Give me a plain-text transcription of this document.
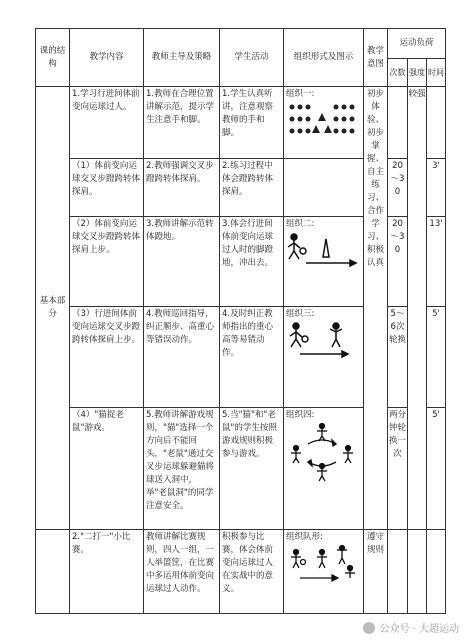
课的结构	教学内容	教师主导及策略	学生活动	组织形式及图示	教学意图	运动负荷		
						次数	强度	时间
基本部分	1.学习行进间体前变向运球过人。	1.教师在合理位置讲解示范，提示学生注意手和脚。	1.学生认真听讲，注意观察教师的手和脚。	组织一:	初步体验、初步掌握、自主练习、合作学习、积极认真		较强	
	（1）体前变向运球交叉步蹬跨转体探肩。	2.教师强调交叉步蹬跨转体探肩。	2.练习过程中体会蹬跨转体探肩。			20～30		3'
	（2）体前变向运球交叉步蹬跨转体探肩上步。	3.教师讲解示范转体蹬地。	3.体会行进间体前变向运球过人时的脚蹬地，冲出去。	组织二:		20～30		13'
	（3）行进间体前变向运球交叉步蹬跨转体探肩上步。	4.教师巡回指导，纠正顺步、高重心等错误动作。	4.及时纠正教师指出的重心高等易错动作。	组织三:		5～6次轮换		5'
	（4）"猫捉老鼠"游戏。	5.教师讲解游戏规则，"猫"选择一个方向后不能回头，"老鼠"通过交叉步运球躲避猫将球送入洞中，举"老鼠洞"的同学注意安全。	5.当"猫"和"老鼠"的学生按照游戏规则积极参与游戏。	组织四:		两分钟轮换一次		5'
	2."二打一"小比赛。	教师讲解比赛规则，四人一组，一人举篮筐，在比赛中多运用体前变向运球过人动作。	积极参与比赛，体会体前变向运球过人在实战中的意义。	组织队形:	遵守规则			
公众号 · 大超运动
